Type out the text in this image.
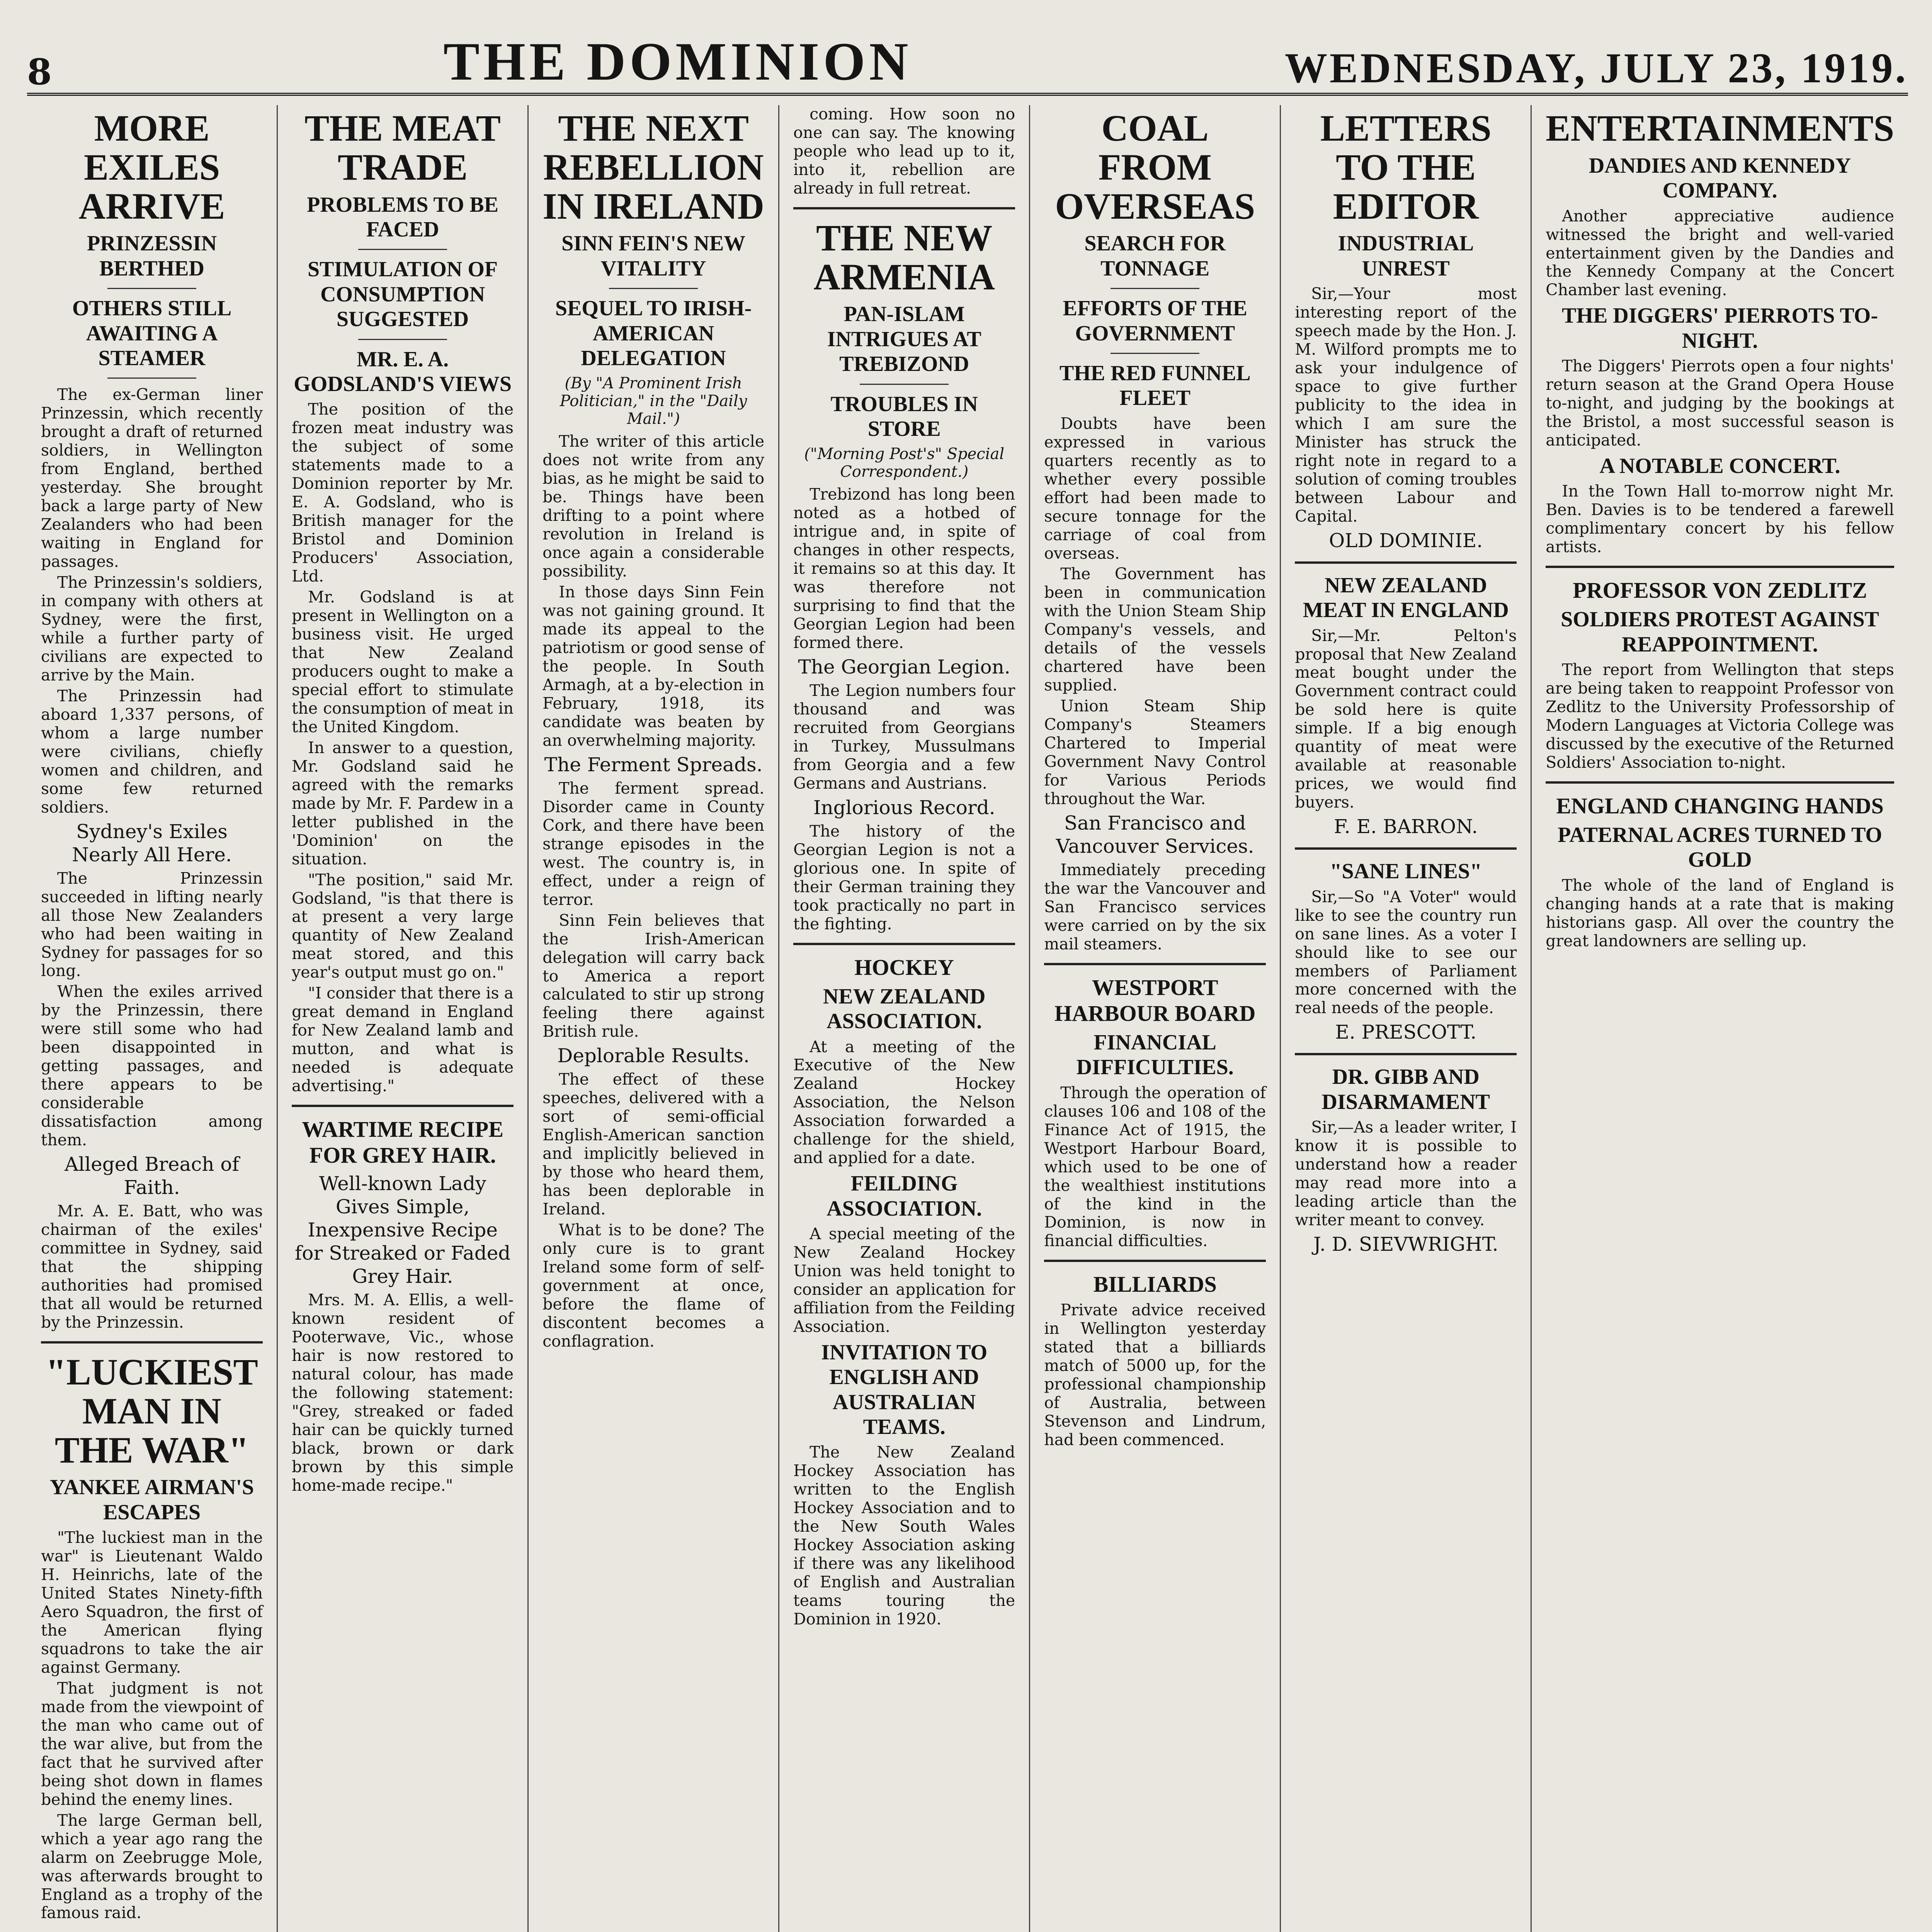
8	THE DOMINION	WEDNESDAY, JULY 23, 1919.
MORE EXILES ARRIVE
PRINZESSIN BERTHED
OTHERS STILL AWAITING A STEAMER

The ex-German liner Prinzessin, which recently brought a draft of returned soldiers, in Wellington from England, berthed yesterday. She brought back a large party of New Zealanders who had been waiting in England for passages.

The Prinzessin's soldiers, in company with others at Sydney, were the first, while a further party of civilians are expected to arrive by the Main.

The Prinzessin had aboard 1,337 persons, of whom a large number were civilians, chiefly women and children, and some few returned soldiers.

Sydney's Exiles Nearly All Here.

The Prinzessin succeeded in lifting nearly all those New Zealanders who had been waiting in Sydney for passages for so long.

When the exiles arrived by the Prinzessin, there were still some who had been disappointed in getting passages, and there appears to be considerable dissatisfaction among them.

Alleged Breach of Faith.

Mr. A. E. Batt, who was chairman of the exiles' committee in Sydney, said that the shipping authorities had promised that all would be returned by the Prinzessin.

"LUCKIEST MAN IN THE WAR"
YANKEE AIRMAN'S ESCAPES

"The luckiest man in the war" is Lieutenant Waldo H. Heinrichs, late of the United States Ninety-fifth Aero Squadron, the first of the American flying squadrons to take the air against Germany.

That judgment is not made from the viewpoint of the man who came out of the war alive, but from the fact that he survived after being shot down in flames behind the enemy lines.

The large German bell, which a year ago rang the alarm on Zeebrugge Mole, was afterwards brought to England as a trophy of the famous raid.

THE MEAT TRADE
PROBLEMS TO BE FACED
STIMULATION OF CONSUMPTION SUGGESTED
MR. E. A. GODSLAND'S VIEWS

The position of the frozen meat industry was the subject of some statements made to a Dominion reporter by Mr. E. A. Godsland, who is British manager for the Bristol and Dominion Producers' Association, Ltd.

Mr. Godsland is at present in Wellington on a business visit. He urged that New Zealand producers ought to make a special effort to stimulate the consumption of meat in the United Kingdom.

In answer to a question, Mr. Godsland said he agreed with the remarks made by Mr. F. Pardew in a letter published in the 'Dominion' on the situation.

"The position," said Mr. Godsland, "is that there is at present a very large quantity of New Zealand meat stored, and this year's output must go on."

"I consider that there is a great demand in England for New Zealand lamb and mutton, and what is needed is adequate advertising."

WARTIME RECIPE FOR GREY HAIR.
Well-known Lady Gives Simple, Inexpensive Recipe for Streaked or Faded Grey Hair.

Mrs. M. A. Ellis, a well-known resident of Pooterwave, Vic., whose hair is now restored to natural colour, has made the following statement: "Grey, streaked or faded hair can be quickly turned black, brown or dark brown by this simple home-made recipe."

THE NEXT REBELLION IN IRELAND
SINN FEIN'S NEW VITALITY
SEQUEL TO IRISH-AMERICAN DELEGATION
(By "A Prominent Irish Politician," in the "Daily Mail.")

The writer of this article does not write from any bias, as he might be said to be. Things have been drifting to a point where revolution in Ireland is once again a considerable possibility.

In those days Sinn Fein was not gaining ground. It made its appeal to the patriotism or good sense of the people. In South Armagh, at a by-election in February, 1918, its candidate was beaten by an overwhelming majority.

The Ferment Spreads.

The ferment spread. Disorder came in County Cork, and there have been strange episodes in the west. The country is, in effect, under a reign of terror.

Sinn Fein believes that the Irish-American delegation will carry back to America a report calculated to stir up strong feeling there against British rule.

Deplorable Results.

The effect of these speeches, delivered with a sort of semi-official English-American sanction and implicitly believed in by those who heard them, has been deplorable in Ireland.

What is to be done? The only cure is to grant Ireland some form of self-government at once, before the flame of discontent becomes a conflagration.

coming. How soon no one can say. The knowing people who lead up to it, into it, rebellion are already in full retreat.

THE NEW ARMENIA
PAN-ISLAM INTRIGUES AT TREBIZOND
TROUBLES IN STORE
("Morning Post's" Special Correspondent.)

Trebizond has long been noted as a hotbed of intrigue and, in spite of changes in other respects, it remains so at this day. It was therefore not surprising to find that the Georgian Legion had been formed there.

The Georgian Legion.

The Legion numbers four thousand and was recruited from Georgians in Turkey, Mussulmans from Georgia and a few Germans and Austrians.

Inglorious Record.

The history of the Georgian Legion is not a glorious one. In spite of their German training they took practically no part in the fighting.

HOCKEY
NEW ZEALAND ASSOCIATION.

At a meeting of the Executive of the New Zealand Hockey Association, the Nelson Association forwarded a challenge for the shield, and applied for a date.

FEILDING ASSOCIATION.

A special meeting of the New Zealand Hockey Union was held tonight to consider an application for affiliation from the Feilding Association.

INVITATION TO ENGLISH AND AUSTRALIAN TEAMS.

The New Zealand Hockey Association has written to the English Hockey Association and to the New South Wales Hockey Association asking if there was any likelihood of English and Australian teams touring the Dominion in 1920.

COAL FROM OVERSEAS
SEARCH FOR TONNAGE
EFFORTS OF THE GOVERNMENT
THE RED FUNNEL FLEET

Doubts have been expressed in various quarters recently as to whether every possible effort had been made to secure tonnage for the carriage of coal from overseas.

The Government has been in communication with the Union Steam Ship Company's vessels, and details of the vessels chartered have been supplied.

Union Steam Ship Company's Steamers Chartered to Imperial Government Navy Control for Various Periods throughout the War.

San Francisco and Vancouver Services.

Immediately preceding the war the Vancouver and San Francisco services were carried on by the six mail steamers.

WESTPORT HARBOUR BOARD
FINANCIAL DIFFICULTIES.

Through the operation of clauses 106 and 108 of the Finance Act of 1915, the Westport Harbour Board, which used to be one of the wealthiest institutions of the kind in the Dominion, is now in financial difficulties.

BILLIARDS

Private advice received in Wellington yesterday stated that a billiards match of 5000 up, for the professional championship of Australia, between Stevenson and Lindrum, had been commenced.

LETTERS TO THE EDITOR
INDUSTRIAL UNREST

Sir,—Your most interesting report of the speech made by the Hon. J. M. Wilford prompts me to ask your indulgence of space to give further publicity to the idea in which I am sure the Minister has struck the right note in regard to a solution of coming troubles between Labour and Capital.

OLD DOMINIE.
NEW ZEALAND MEAT IN ENGLAND

Sir,—Mr. Pelton's proposal that New Zealand meat bought under the Government contract could be sold here is quite simple. If a big enough quantity of meat were available at reasonable prices, we would find buyers.

F. E. BARRON.
"SANE LINES"

Sir,—So "A Voter" would like to see the country run on sane lines. As a voter I should like to see our members of Parliament more concerned with the real needs of the people.

E. PRESCOTT.
DR. GIBB AND DISARMAMENT

Sir,—As a leader writer, I know it is possible to understand how a reader may read more into a leading article than the writer meant to convey.

J. D. SIEVWRIGHT.
ENTERTAINMENTS
DANDIES AND KENNEDY COMPANY.

Another appreciative audience witnessed the bright and well-varied entertainment given by the Dandies and the Kennedy Company at the Concert Chamber last evening.

THE DIGGERS' PIERROTS TO-NIGHT.

The Diggers' Pierrots open a four nights' return season at the Grand Opera House to-night, and judging by the bookings at the Bristol, a most successful season is anticipated.

A NOTABLE CONCERT.

In the Town Hall to-morrow night Mr. Ben. Davies is to be tendered a farewell complimentary concert by his fellow artists.

PROFESSOR VON ZEDLITZ
SOLDIERS PROTEST AGAINST REAPPOINTMENT.

The report from Wellington that steps are being taken to reappoint Professor von Zedlitz to the University Professorship of Modern Languages at Victoria College was discussed by the executive of the Returned Soldiers' Association to-night.

ENGLAND CHANGING HANDS
PATERNAL ACRES TURNED TO GOLD

The whole of the land of England is changing hands at a rate that is making historians gasp. All over the country the great landowners are selling up.
